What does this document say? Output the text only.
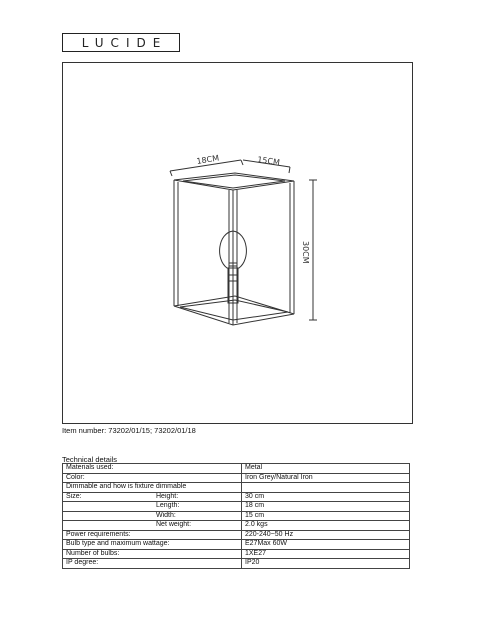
LUCIDE
18CM	15CM
30CM
Item number: 73202/01/15; 73202/01/18
Technical details
Materials used:		Metal
Color:		Iron Grey/Natural Iron
Dimmable and how is fixture dimmable		
Size:	Height:	30 cm
	Length:	18 cm
	Width:	15 cm
	Net weight:	2.0 kgs
Power requirements:		220-240~50 Hz
Bulb type and maximum wattage:		E27Max 60W
Number of bulbs:		1XE27
IP degree:		IP20
